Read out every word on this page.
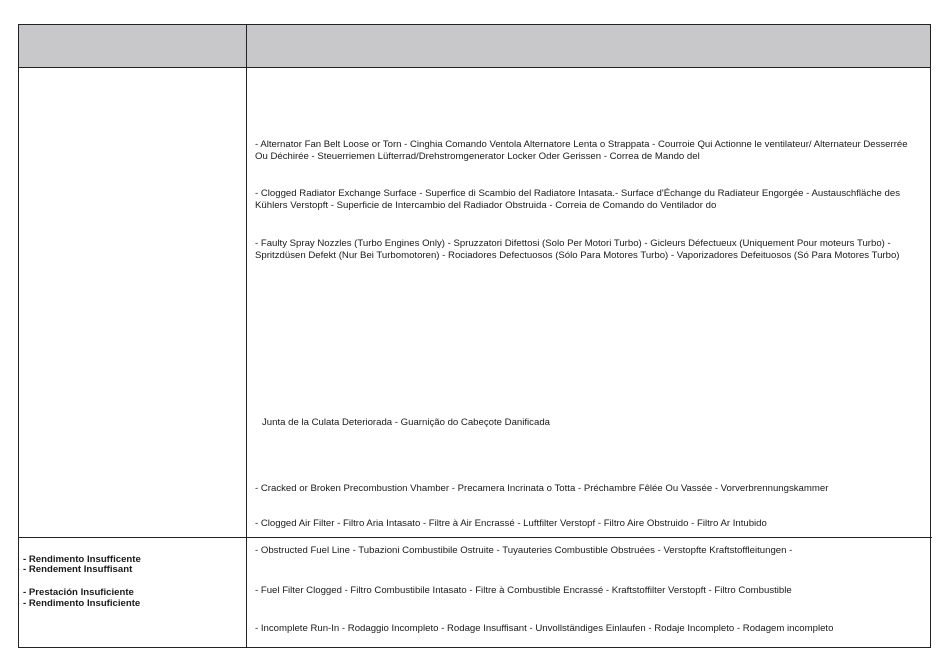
- Rendimento Insufficente
- Rendement Insuffisant
- Prestación Insuficiente
- Rendimento Insuficiente
- Alternator Fan Belt Loose or Torn - Cinghia Comando Ventola Alternatore Lenta o Strappata - Courroie Qui Actionne le ventilateur/ Alternateur Desserrée Ou Déchirée - Steuerriemen Lüfterrad/Drehstromgenerator Locker Oder Gerissen - Correa de Mando del
- Clogged Radiator Exchange Surface - Superfice di Scambio del Radiatore Intasata.- Surface d'Échange du Radiateur Engorgée - Austauschfläche des Kühlers Verstopft - Superficie de Intercambio del Radiador Obstruida - Correia de Comando do Ventilador do
- Faulty Spray Nozzles (Turbo Engines Only) - Spruzzatori Difettosi (Solo Per Motori Turbo) - Gicleurs Défectueux (Uniquement Pour moteurs Turbo) - Spritzdüsen Defekt (Nur Bei Turbomotoren) - Rociadores Defectuosos (Sólo Para Motores Turbo) - Vaporizadores Defeituosos (Só Para Motores Turbo)
Junta de la Culata Deteriorada - Guarnição do Cabeçote Danificada
- Cracked or Broken Precombustion Vhamber - Precamera Incrinata o Totta - Préchambre Fêlée Ou Vassée - Vorverbrennungskammer
- Clogged Air Filter - Filtro Aria Intasato - Filtre à Air Encrassé - Luftfilter Verstopf - Filtro Aire Obstruido - Filtro Ar Intubido
- Obstructed Fuel Line - Tubazioni Combustibile Ostruite - Tuyauteries Combustible Obstruées - Verstopfte Kraftstoffleitungen -
- Fuel Filter Clogged - Filtro Combustibile Intasato - Filtre à Combustible Encrassé - Kraftstoffilter Verstopft - Filtro Combustible
- Incomplete Run-In - Rodaggio Incompleto - Rodage Insuffisant - Unvollständiges Einlaufen - Rodaje Incompleto - Rodagem incompleto
